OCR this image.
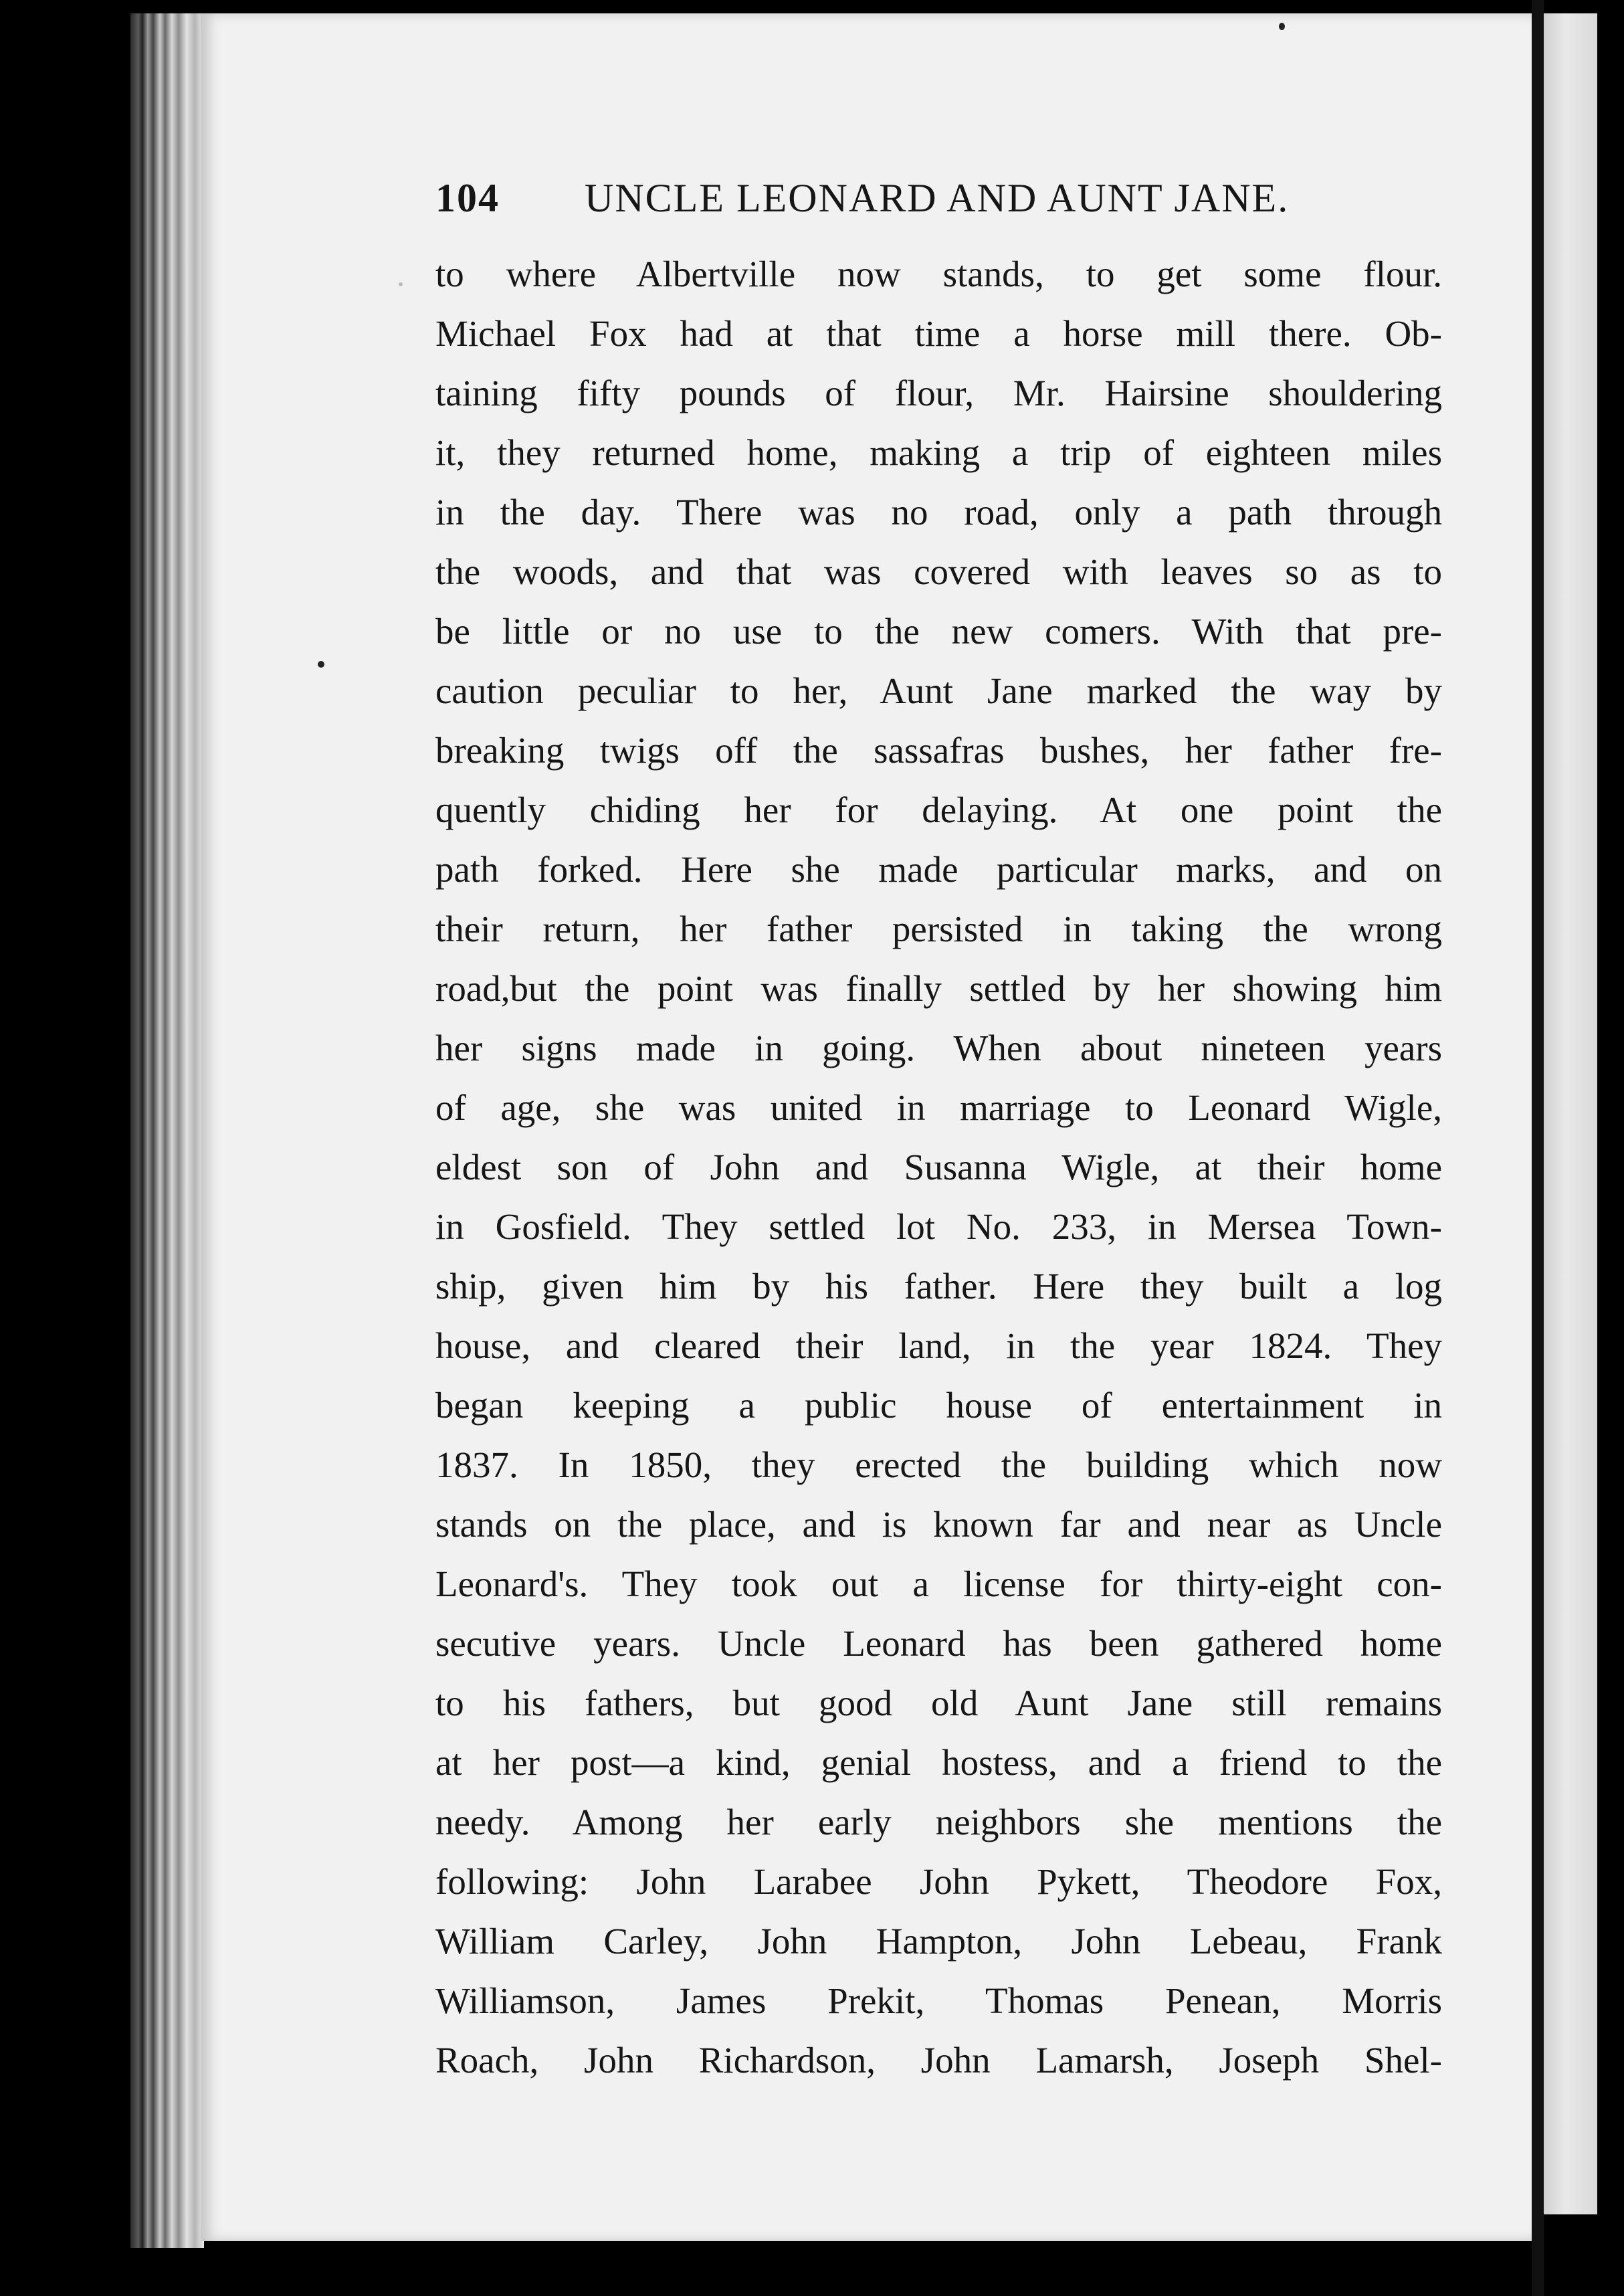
104 UNCLE LEONARD AND AUNT JANE.
to where Albertville now stands, to get some flour.
Michael Fox had at that time a horse mill there. Ob-
taining fifty pounds of flour, Mr. Hairsine shouldering
it, they returned home, making a trip of eighteen miles
in the day. There was no road, only a path through
the woods, and that was covered with leaves so as to
be little or no use to the new comers. With that pre-
caution peculiar to her, Aunt Jane marked the way by
breaking twigs off the sassafras bushes, her father fre-
quently chiding her for delaying. At one point the
path forked. Here she made particular marks, and on
their return, her father persisted in taking the wrong
road,but the point was finally settled by her showing him
her signs made in going. When about nineteen years
of age, she was united in marriage to Leonard Wigle,
eldest son of John and Susanna Wigle, at their home
in Gosfield. They settled lot No. 233, in Mersea Town-
ship, given him by his father. Here they built a log
house, and cleared their land, in the year 1824. They
began keeping a public house of entertainment in
1837. In 1850, they erected the building which now
stands on the place, and is known far and near as Uncle
Leonard's. They took out a license for thirty-eight con-
secutive years. Uncle Leonard has been gathered home
to his fathers, but good old Aunt Jane still remains
at her post—a kind, genial hostess, and a friend to the
needy. Among her early neighbors she mentions the
following: John Larabee John Pykett, Theodore Fox,
William Carley, John Hampton, John Lebeau, Frank
Williamson, James Prekit, Thomas Penean, Morris
Roach, John Richardson, John Lamarsh, Joseph Shel-
